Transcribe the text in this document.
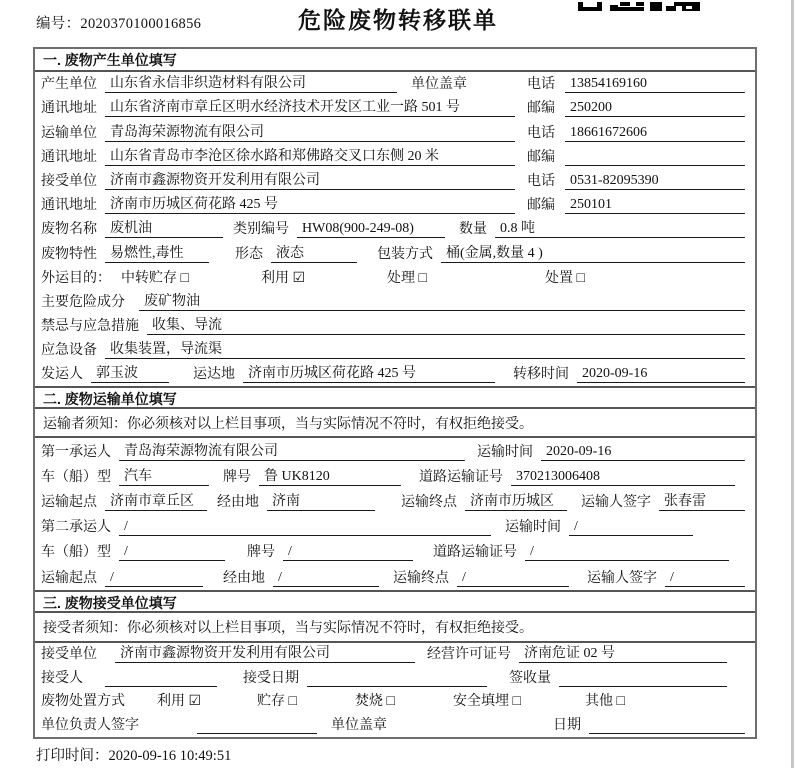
编号：2020370100016856	危险废物转移联单
一. 废物产生单位填写
产生单位 山东省永信非织造材料有限公司	单位盖章	电话	13854169160
通讯地址 山东省济南市章丘区明水经济技术开发区工业一路 501 号	邮编	250200
运输单位 青岛海荣源物流有限公司	电话	18661672606
通讯地址 山东省青岛市李沧区徐水路和郑佛路交叉口东侧 20 米	邮编
接受单位 济南市鑫源物资开发利用有限公司	电话	0531-82095390
通讯地址 济南市历城区荷花路 425 号	邮编	250101
废物名称 废机油	类别编号 HW08(900-249-08)	数量 0.8 吨
废物特性 易燃性,毒性	形态 液态	包装方式 桶(金属,数量 4 )
外运目的： 中转贮存 □	利用 ☑	处理 □	处置 □
主要危险成分	废矿物油
禁忌与应急措施 收集、导流
应急设备 收集装置，导流渠
发运人 郭玉波	运达地 济南市历城区荷花路 425 号	转移时间 2020-09-16
二. 废物运输单位填写
运输者须知：你必须核对以上栏目事项，当与实际情况不符时，有权拒绝接受。
第一承运人 青岛海荣源物流有限公司	运输时间 2020-09-16
车（船）型 汽车	牌号 鲁 UK8120	道路运输证号 370213006408
运输起点 济南市章丘区	经由地 济南	运输终点 济南市历城区	运输人签字 张春雷
第二承运人 /	运输时间 /
车（船）型 /	牌号 /	道路运输证号 /
运输起点 /	经由地 /	运输终点 /	运输人签字 /
三. 废物接受单位填写
接受者须知：你必须核对以上栏目事项，当与实际情况不符时，有权拒绝接受。
接受单位	济南市鑫源物资开发利用有限公司	经营许可证号 济南危证 02 号
接受人	接受日期	签收量
废物处置方式 利用 ☑	贮存 □	焚烧 □	安全填埋 □	其他 □
单位负责人签字	单位盖章	日期
打印时间：2020-09-16 10:49:51
